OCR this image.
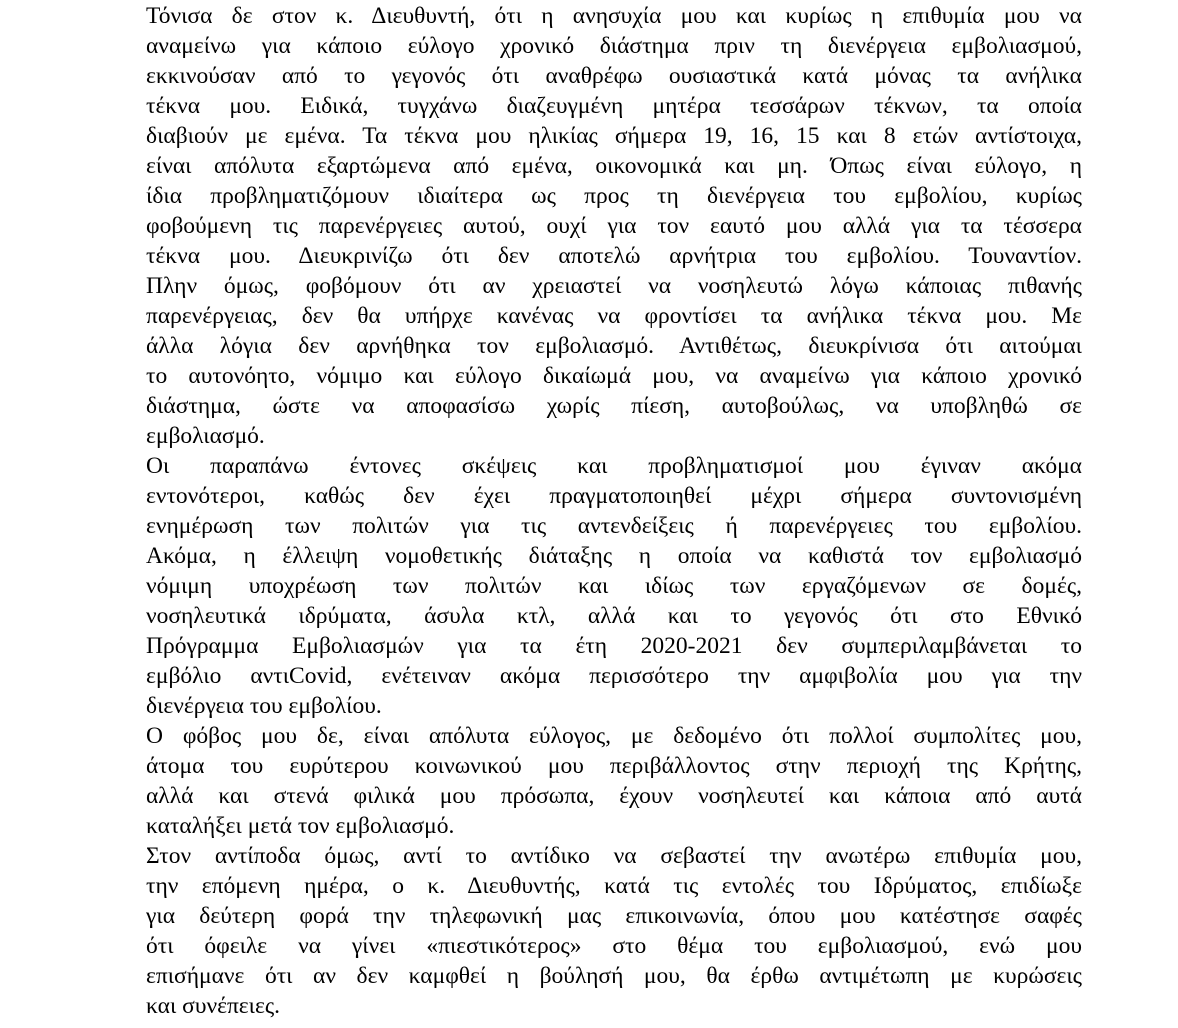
Τόνισα δε στον κ. Διευθυντή, ότι η ανησυχία μου και κυρίως η επιθυμία μου να
αναμείνω για κάποιο εύλογο χρονικό διάστημα πριν τη διενέργεια εμβολιασμού,
εκκινούσαν από το γεγονός ότι αναθρέφω ουσιαστικά κατά μόνας τα ανήλικα
τέκνα μου. Ειδικά, τυγχάνω διαζευγμένη μητέρα τεσσάρων τέκνων, τα οποία
διαβιούν με εμένα. Τα τέκνα μου ηλικίας σήμερα 19, 16, 15 και 8 ετών αντίστοιχα,
είναι απόλυτα εξαρτώμενα από εμένα, οικονομικά και μη. Όπως είναι εύλογο, η
ίδια προβληματιζόμουν ιδιαίτερα ως προς τη διενέργεια του εμβολίου, κυρίως
φοβούμενη τις παρενέργειες αυτού, ουχί για τον εαυτό μου αλλά για τα τέσσερα
τέκνα μου. Διευκρινίζω ότι δεν αποτελώ αρνήτρια του εμβολίου. Τουναντίον.
Πλην όμως, φοβόμουν ότι αν χρειαστεί να νοσηλευτώ λόγω κάποιας πιθανής
παρενέργειας, δεν θα υπήρχε κανένας να φροντίσει τα ανήλικα τέκνα μου. Με
άλλα λόγια δεν αρνήθηκα τον εμβολιασμό. Αντιθέτως, διευκρίνισα ότι αιτούμαι
το αυτονόητο, νόμιμο και εύλογο δικαίωμά μου, να αναμείνω για κάποιο χρονικό
διάστημα, ώστε να αποφασίσω χωρίς πίεση, αυτοβούλως, να υποβληθώ σε
εμβολιασμό.

Οι παραπάνω έντονες σκέψεις και προβληματισμοί μου έγιναν ακόμα
εντονότεροι, καθώς δεν έχει πραγματοποιηθεί μέχρι σήμερα συντονισμένη
ενημέρωση των πολιτών για τις αντενδείξεις ή παρενέργειες του εμβολίου.
Ακόμα, η έλλειψη νομοθετικής διάταξης η οποία να καθιστά τον εμβολιασμό
νόμιμη υποχρέωση των πολιτών και ιδίως των εργαζόμενων σε δομές,
νοσηλευτικά ιδρύματα, άσυλα κτλ, αλλά και το γεγονός ότι στο Εθνικό
Πρόγραμμα Εμβολιασμών για τα έτη 2020-2021 δεν συμπεριλαμβάνεται το
εμβόλιο αντιCovid, ενέτειναν ακόμα περισσότερο την αμφιβολία μου για την
διενέργεια του εμβολίου.

Ο φόβος μου δε, είναι απόλυτα εύλογος, με δεδομένο ότι πολλοί συμπολίτες μου,
άτομα του ευρύτερου κοινωνικού μου περιβάλλοντος στην περιοχή της Κρήτης,
αλλά και στενά φιλικά μου πρόσωπα, έχουν νοσηλευτεί και κάποια από αυτά
καταλήξει μετά τον εμβολιασμό.

Στον αντίποδα όμως, αντί το αντίδικο να σεβαστεί την ανωτέρω επιθυμία μου,
την επόμενη ημέρα, ο κ. Διευθυντής, κατά τις εντολές του Ιδρύματος, επιδίωξε
για δεύτερη φορά την τηλεφωνική μας επικοινωνία, όπου μου κατέστησε σαφές
ότι όφειλε να γίνει «πιεστικότερος» στο θέμα του εμβολιασμού, ενώ μου
επισήμανε ότι αν δεν καμφθεί η βούλησή μου, θα έρθω αντιμέτωπη με κυρώσεις
και συνέπειες.
